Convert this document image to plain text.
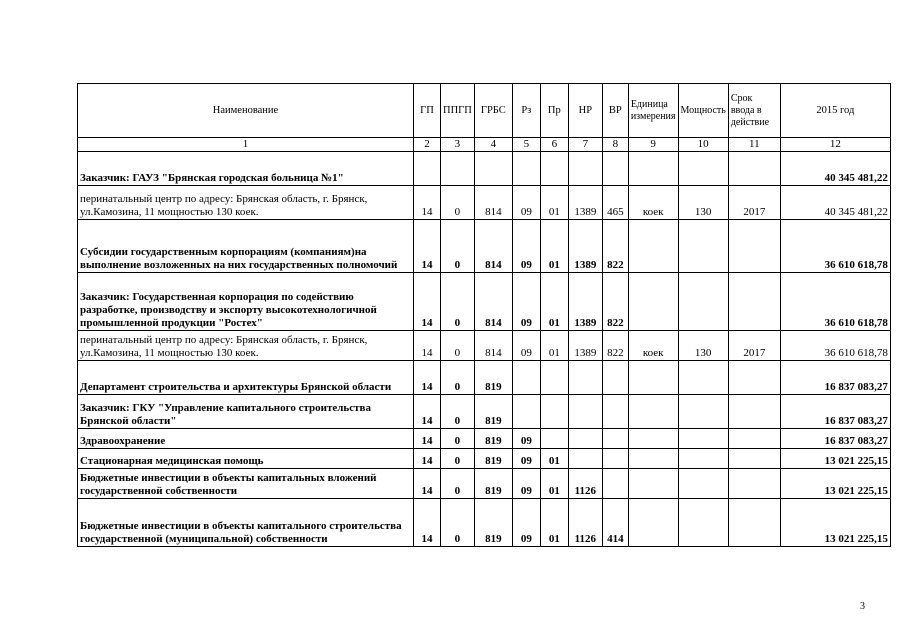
Наименование	ГП	ППГП	ГРБС	Рз	Пр	НР	ВР	Единица измерения	Мощность	Срок ввода в действие	2015 год
1	2	3	4	5	6	7	8	9	10	11	12
Заказчик: ГАУЗ "Брянская городская больница №1"											40 345 481,22
перинатальный центр по адресу: Брянская область, г. Брянск, ул.Камозина, 11 мощностью 130 коек.	14	0	814	09	01	1389	465	коек	130	2017	40 345 481,22
Субсидии государственным корпорациям (компаниям)на выполнение возложенных на них государственных полномочий	14	0	814	09	01	1389	822				36 610 618,78
Заказчик: Государственная корпорация по содействию разработке, производству и экспорту высокотехнологичной промышленной продукции "Ростех"	14	0	814	09	01	1389	822				36 610 618,78
перинатальный центр по адресу: Брянская область, г. Брянск, ул.Камозина, 11 мощностью 130 коек.	14	0	814	09	01	1389	822	коек	130	2017	36 610 618,78
Департамент строительства и архитектуры Брянской области	14	0	819								16 837 083,27
Заказчик: ГКУ "Управление капитального строительства Брянской области"	14	0	819								16 837 083,27
Здравоохранение	14	0	819	09							16 837 083,27
Стационарная медицинская помощь	14	0	819	09	01						13 021 225,15
Бюджетные инвестиции в объекты капитальных вложений государственной собственности	14	0	819	09	01	1126					13 021 225,15
Бюджетные инвестиции в объекты капитального строительства государственной (муниципальной) собственности	14	0	819	09	01	1126	414				13 021 225,15
3
